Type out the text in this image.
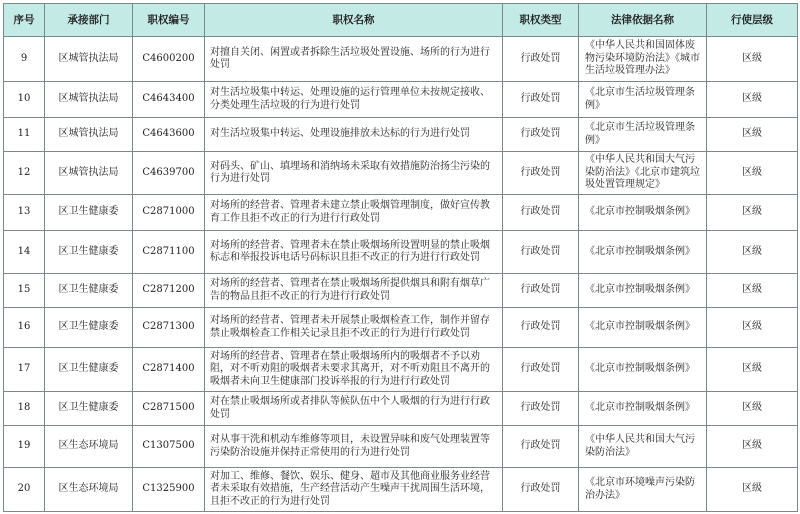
序号	承接部门	职权编号	职权名称	职权类型	法律依据名称	行使层级
9	区城管执法局	C4600200	对擅自关闭、闲置或者拆除生活垃圾处置设施、场所的行为进行处罚	行政处罚	《中华人民共和国固体废物污染环境防治法》《城市生活垃圾管理办法》	区级
10	区城管执法局	C4643400	对生活垃圾集中转运、处理设施的运行管理单位未按规定接收、分类处理生活垃圾的行为进行处罚	行政处罚	《北京市生活垃圾管理条例》	区级
11	区城管执法局	C4643600	对生活垃圾集中转运、处理设施排放未达标的行为进行处罚	行政处罚	《北京市生活垃圾管理条例》	区级
12	区城管执法局	C4639700	对码头、矿山、填埋场和消纳场未采取有效措施防治扬尘污染的行为进行处罚	行政处罚	《中华人民共和国大气污染防治法》《北京市建筑垃圾处置管理规定》	区级
13	区卫生健康委	C2871000	对场所的经营者、管理者未建立禁止吸烟管理制度，做好宣传教育工作且拒不改正的行为进行行政处罚	行政处罚	《北京市控制吸烟条例》	区级
14	区卫生健康委	C2871100	对场所的经营者、管理者未在禁止吸烟场所设置明显的禁止吸烟标志和举报投诉电话号码标识且拒不改正的行为进行行政处罚	行政处罚	《北京市控制吸烟条例》	区级
15	区卫生健康委	C2871200	对场所的经营者、管理者在禁止吸烟场所提供烟具和附有烟草广告的物品且拒不改正的行为进行行政处罚	行政处罚	《北京市控制吸烟条例》	区级
16	区卫生健康委	C2871300	对场所的经营者、管理者未开展禁止吸烟检查工作，制作并留存禁止吸烟检查工作相关记录且拒不改正的行为进行行政处罚	行政处罚	《北京市控制吸烟条例》	区级
17	区卫生健康委	C2871400	对场所的经营者、管理者在禁止吸烟场所内的吸烟者不予以劝阻，对不听劝阻的吸烟者未要求其离开，对不听劝阻且不离开的吸烟者未向卫生健康部门投诉举报的行为进行行政处罚	行政处罚	《北京市控制吸烟条例》	区级
18	区卫生健康委	C2871500	对在禁止吸烟场所或者排队等候队伍中个人吸烟的行为进行行政处罚	行政处罚	《北京市控制吸烟条例》	区级
19	区生态环境局	C1307500	对从事干洗和机动车维修等项目，未设置异味和废气处理装置等污染防治设施并保持正常使用的行为进行处罚	行政处罚	《中华人民共和国大气污染防治法》	区级
20	区生态环境局	C1325900	对加工、维修、餐饮、娱乐、健身、超市及其他商业服务业经营者未采取有效措施，生产经营活动产生噪声干扰周围生活环境，且拒不改正的行为进行处罚	行政处罚	《北京市环境噪声污染防治办法》	区级
